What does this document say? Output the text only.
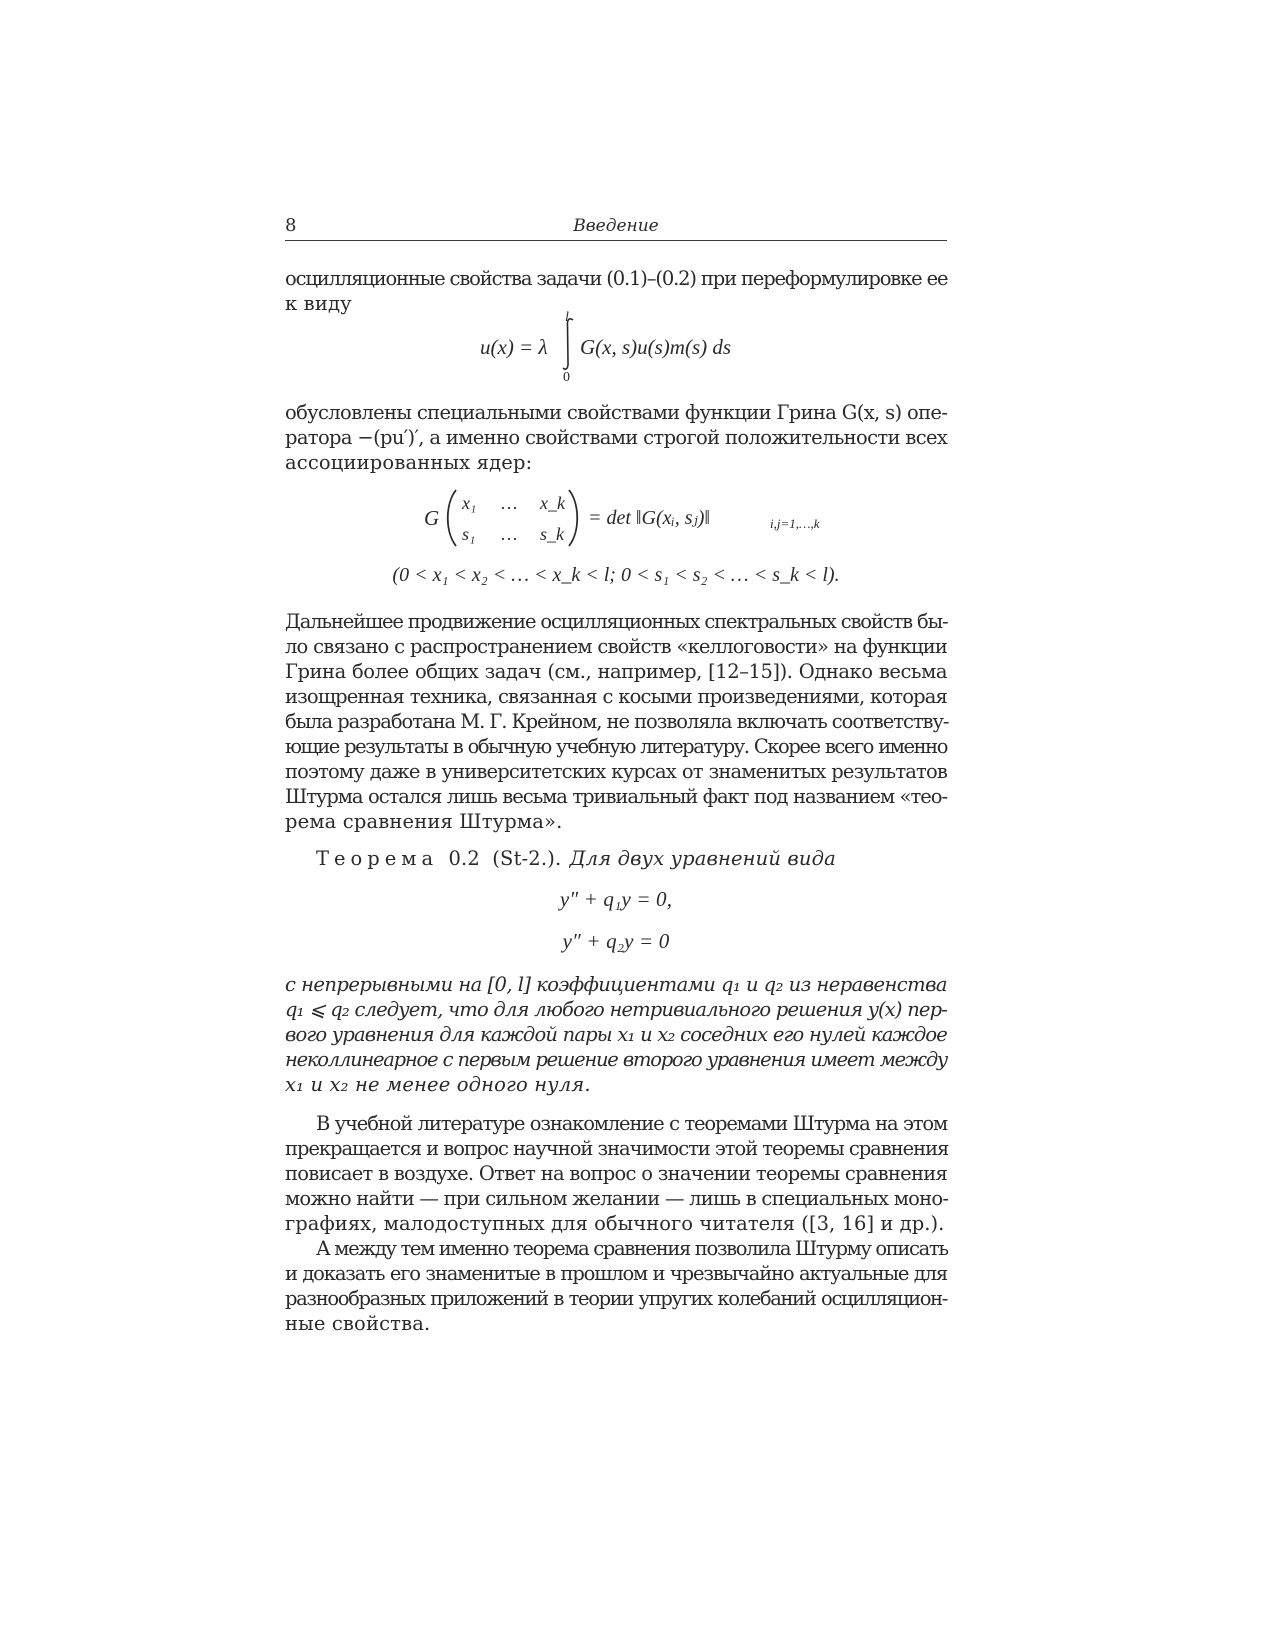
8	Введение
осцилляционные свойства задачи (0.1)–(0.2) при переформулировке ее
к виду
u(x) = λ
l
0
G(x, s)u(s)m(s) ds
обусловлены специальными свойствами функции Грина G(x, s) опе-
ратора −(pu′)′, а именно свойствами строгой положительности всех
ассоциированных ядер:
G
x₁ … x_k
s₁ … s_k
= det ‖G(xᵢ, sⱼ)‖	i,j=1,…,k
(0 < x₁ < x₂ < … < x_k < l; 0 < s₁ < s₂ < … < s_k < l).
Дальнейшее продвижение осцилляционных спектральных свойств бы-
ло связано с распространением свойств «келлоговости» на функции
Грина более общих задач (см., например, [12–15]). Однако весьма
изощренная техника, связанная с косыми произведениями, которая
была разработана М. Г. Крейном, не позволяла включать соответству-
ющие результаты в обычную учебную литературу. Скорее всего именно
поэтому даже в университетских курсах от знаменитых результатов
Штурма остался лишь весьма тривиальный факт под названием «тео-
рема сравнения Штурма».
Теорема 0.2 (St-2.). Для двух уравнений вида
y″ + q₁y = 0,
y″ + q₂y = 0
с непрерывными на [0, l] коэффициентами q₁ и q₂ из неравенства
q₁ ⩽ q₂ следует, что для любого нетривиального решения y(x) пер-
вого уравнения для каждой пары x₁ и x₂ соседних его нулей каждое
неколлинеарное с первым решение второго уравнения имеет между
x₁ и x₂ не менее одного нуля.
В учебной литературе ознакомление с теоремами Штурма на этом
прекращается и вопрос научной значимости этой теоремы сравнения
повисает в воздухе. Ответ на вопрос о значении теоремы сравнения
можно найти — при сильном желании — лишь в специальных моно-
графиях, малодоступных для обычного читателя ([3, 16] и др.).
А между тем именно теорема сравнения позволила Штурму описать
и доказать его знаменитые в прошлом и чрезвычайно актуальные для
разнообразных приложений в теории упругих колебаний осцилляцион-
ные свойства.
